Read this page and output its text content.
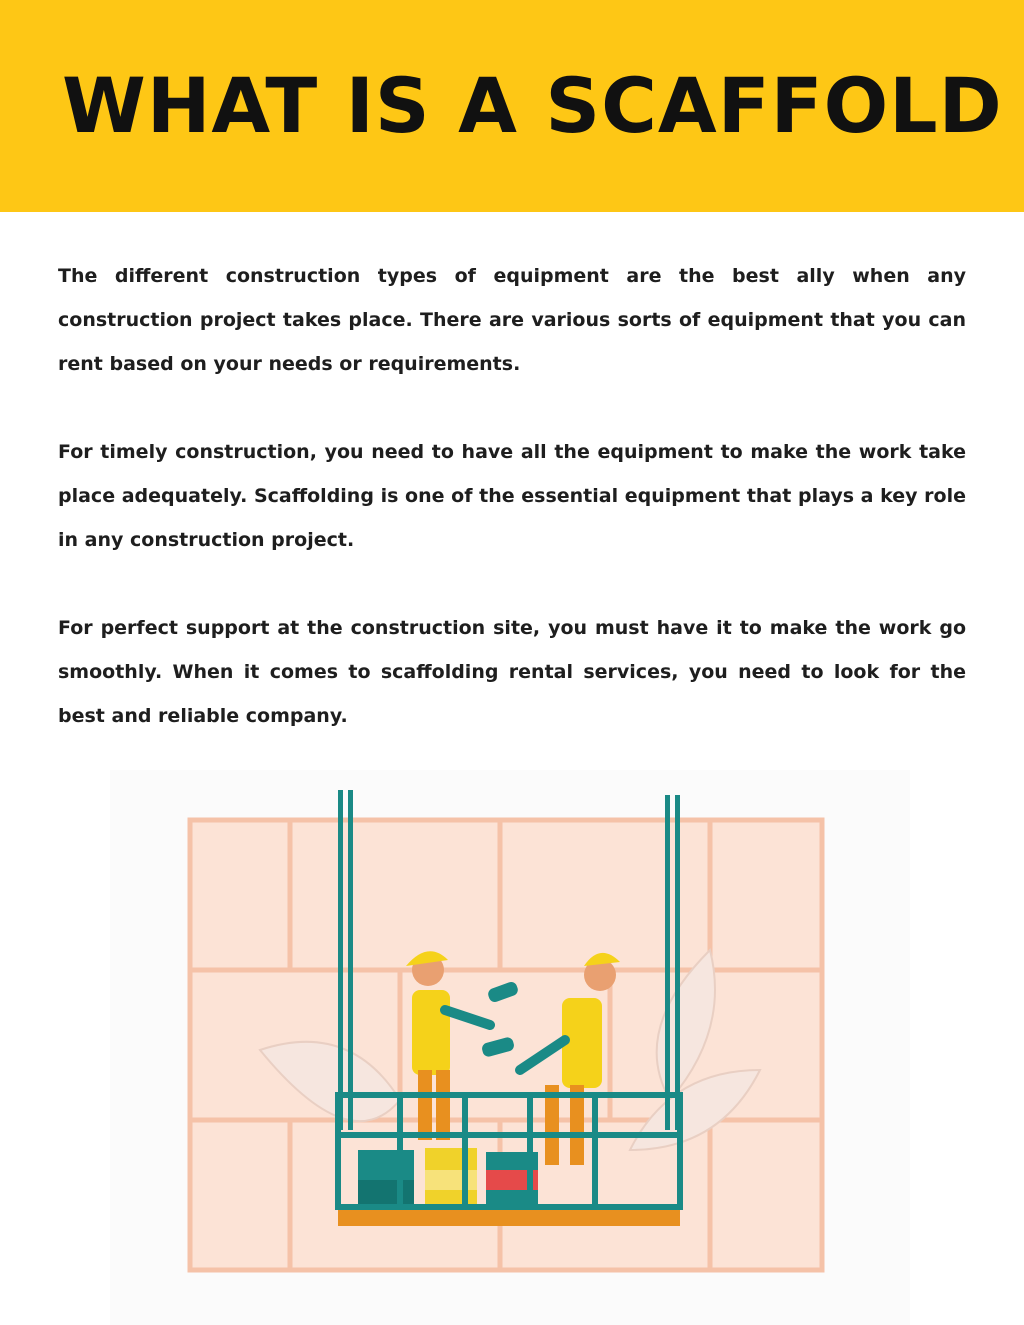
WHAT IS A SCAFFOLD

The different construction types of equipment are the best ally when any construction project takes place. There are various sorts of equipment that you can rent based on your needs or requirements.

For timely construction, you need to have all the equipment to make the work take place adequately. Scaffolding is one of the essential equipment that plays a key role in any construction project.

For perfect support at the construction site, you must have it to make the work go smoothly. When it comes to scaffolding rental services, you need to look for the best and reliable company.
